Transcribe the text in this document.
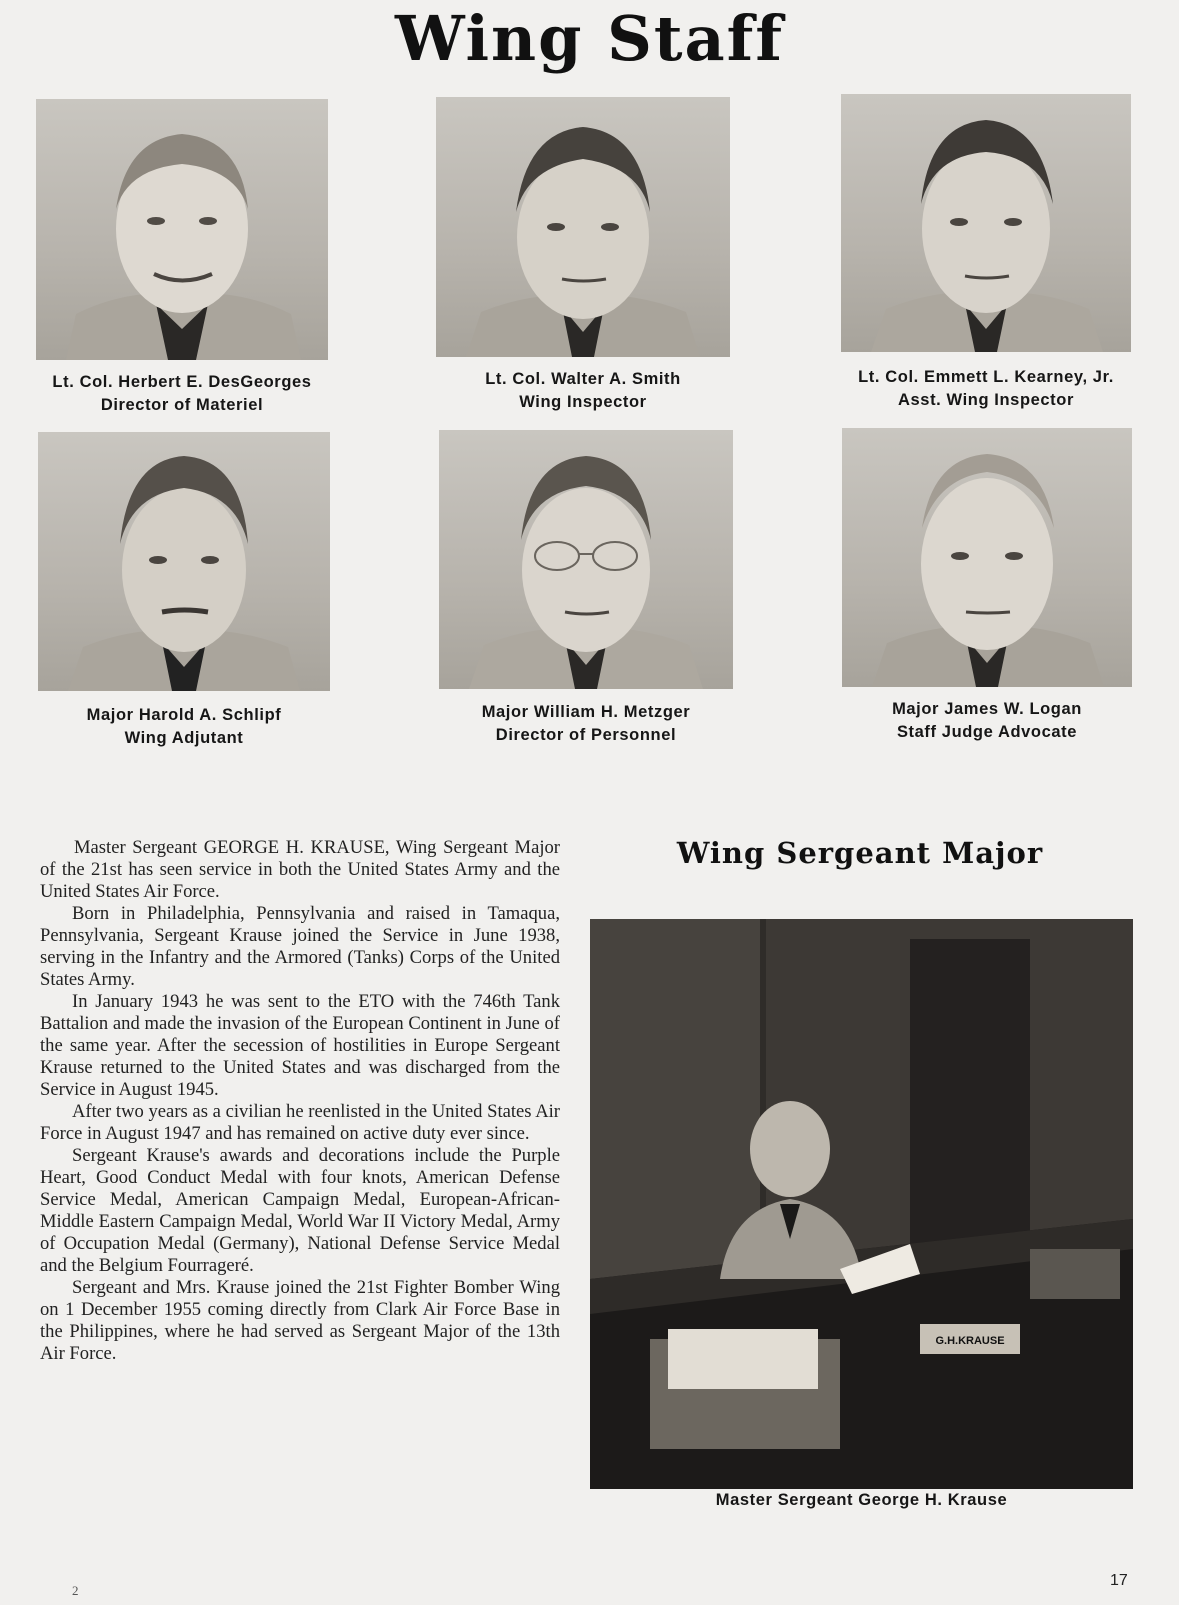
Wing Staff
Lt. Col. Herbert E. DesGeorges
Director of Materiel
Lt. Col. Walter A. Smith
Wing Inspector
Lt. Col. Emmett L. Kearney, Jr.
Asst. Wing Inspector
Major Harold A. Schlipf
Wing Adjutant
Major William H. Metzger
Director of Personnel
Major James W. Logan
Staff Judge Advocate

Master Sergeant GEORGE H. KRAUSE, Wing Sergeant Major of the 21st has seen service in both the United States Army and the United States Air Force.

Born in Philadelphia, Pennsylvania and raised in Tamaqua, Pennsylvania, Sergeant Krause joined the Service in June 1938, serving in the Infantry and the Armored (Tanks) Corps of the United States Army.

In January 1943 he was sent to the ETO with the 746th Tank Battalion and made the invasion of the European Continent in June of the same year. After the secession of hostilities in Europe Sergeant Krause returned to the United States and was discharged from the Service in August 1945.

After two years as a civilian he reenlisted in the United States Air Force in August 1947 and has remained on active duty ever since.

Sergeant Krause's awards and decorations include the Purple Heart, Good Conduct Medal with four knots, American Defense Service Medal, American Campaign Medal, European-African-Middle Eastern Campaign Medal, World War II Victory Medal, Army of Occupation Medal (Germany), National Defense Service Medal and the Belgium Fourrageré.

Sergeant and Mrs. Krause joined the 21st Fighter Bomber Wing on 1 December 1955 coming directly from Clark Air Force Base in the Philippines, where he had served as Sergeant Major of the 13th Air Force.

Wing Sergeant Major
G.H.KRAUSE
Master Sergeant George H. Krause
17
2
